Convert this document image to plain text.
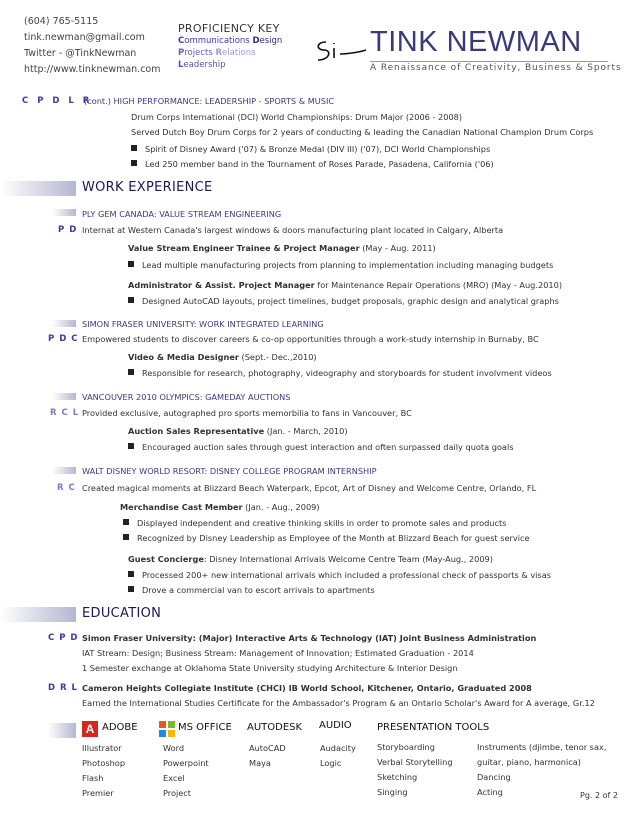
(604) 765-5115
tink.newman@gmail.com
Twitter - @TinkNewman
http://www.tinknewman.com
PROFICIENCY KEY
Communications Design
Projects Relations
Leadership
TINK NEWMAN
A Renaissance of Creativity, Business & Sports
C P D L R
(cont.) HIGH PERFORMANCE: LEADERSHIP - SPORTS & MUSIC
Drum Corps International (DCI) World Championships: Drum Major (2006 - 2008)
Served Dutch Boy Drum Corps for 2 years of conducting & leading the Canadian National Champion Drum Corps
Spirit of Disney Award ('07) & Bronze Medal (DIV III) ('07), DCI World Championships
Led 250 member band in the Tournament of Roses Parade, Pasadena, California ('06)
WORK EXPERIENCE
PLY GEM CANADA: VALUE STREAM ENGINEERING
P D Internat at Western Canada's largest windows & doors manufacturing plant located in Calgary, Alberta
Value Stream Engineer Trainee & Project Manager (May - Aug. 2011)
Lead multiple manufacturing projects from planning to implementation including managing budgets
Administrator & Assist. Project Manager for Maintenance Repair Operations (MRO) (May - Aug.2010)
Designed AutoCAD layouts, project timelines, budget proposals, graphic design and analytical graphs
SIMON FRASER UNIVERSITY: WORK INTEGRATED LEARNING
P D C Empowered students to discover careers & co-op opportunities through a work-study internship in Burnaby, BC
Video & Media Designer (Sept.- Dec.,2010)
Responsible for research, photography, videography and storyboards for student involvment videos
VANCOUVER 2010 OLYMPICS: GAMEDAY AUCTIONS
R C L Provided exclusive, autographed pro sports memorbilia to fans in Vancouver, BC
Auction Sales Representative (Jan. - March, 2010)
Encouraged auction sales through guest interaction and often surpassed daily quota goals
WALT DISNEY WORLD RESORT: DISNEY COLLEGE PROGRAM INTERNSHIP
R C Created magical moments at Blizzard Beach Waterpark, Epcot, Art of Disney and Welcome Centre, Orlando, FL
Merchandise Cast Member (Jan. - Aug., 2009)
Displayed independent and creative thinking skills in order to promote sales and products
Recognized by Disney Leadership as Employee of the Month at Blizzard Beach for guest service
Guest Concierge: Disney International Arrivals Welcome Centre Team (May-Aug., 2009)
Processed 200+ new international arrivals which included a professional check of passports & visas
Drove a commercial van to escort arrivals to apartments
EDUCATION
C P D Simon Fraser University: (Major) Interactive Arts & Technology (IAT) Joint Business Administration
IAT Stream: Design; Business Stream: Management of Innovation; Estimated Graduation - 2014
1 Semester exchange at Oklahoma State University studying Architecture & Interior Design
D R L Cameron Heights Collegiate Institute (CHCI) IB World School, Kitchener, Ontario, Graduated 2008
Earned the International Studies Certificate for the Ambassador's Program & an Ontario Scholar's Award for A average, Gr.12
A ADOBE
Illustrator
Photoshop
Flash
Premier
MS OFFICE
Word
Powerpoint
Excel
Project
AUTODESK
AutoCAD
Maya
AUDIO
Audacity
Logic
PRESENTATION TOOLS
Storyboarding
Verbal Storytelling
Sketching
Singing
Instruments (djimbe, tenor sax,
guitar, piano, harmonica)
Dancing
Acting	Pg. 2 of 2
